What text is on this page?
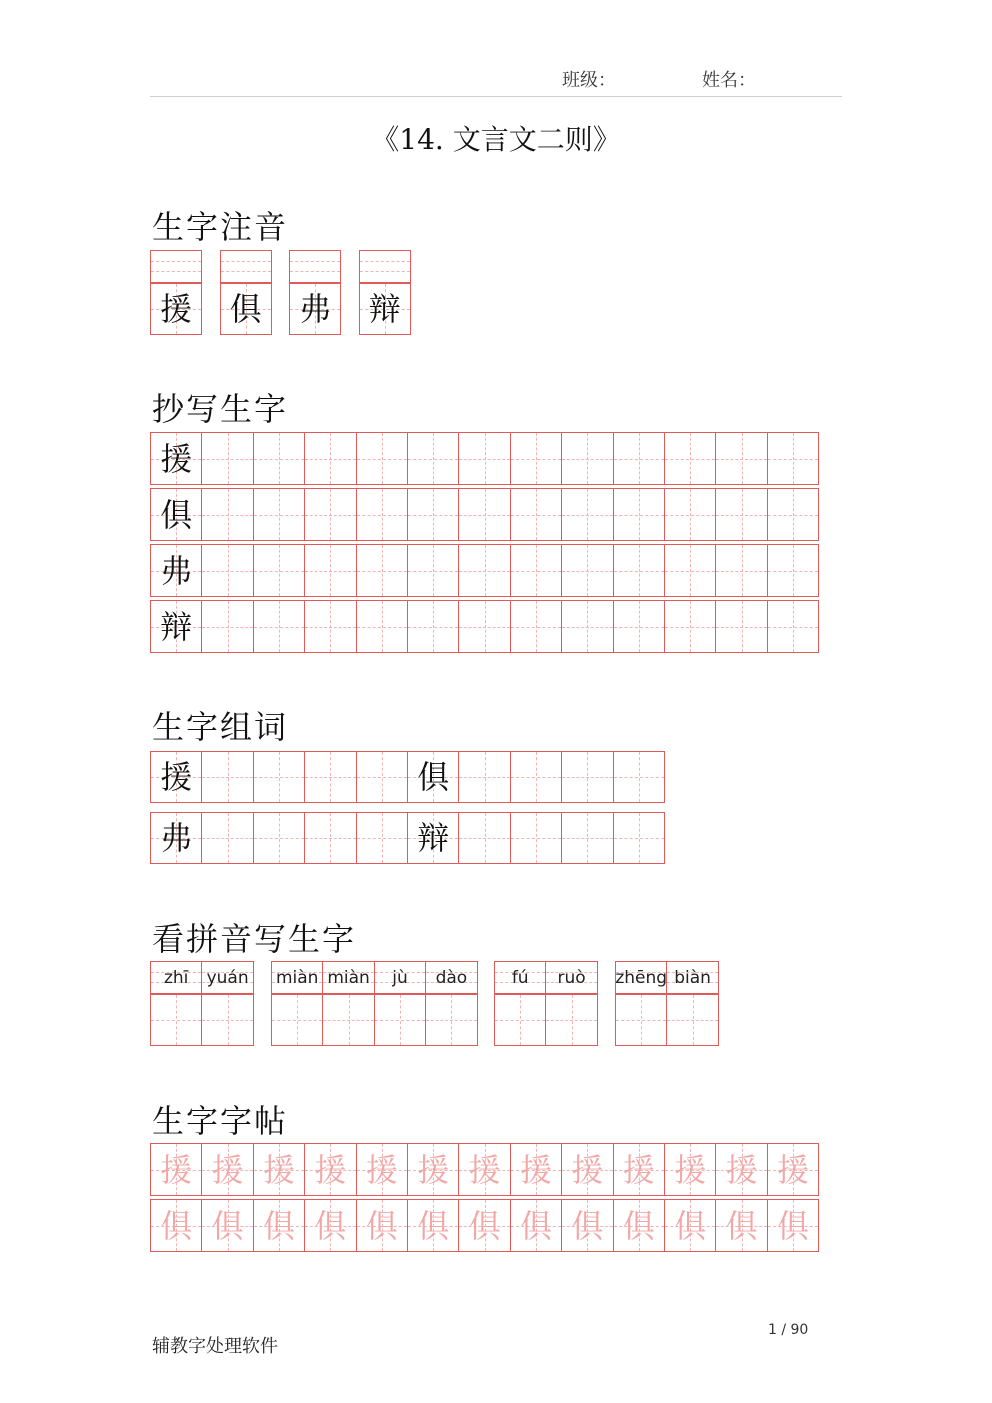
班级：	姓名：
《14. 文言文二则》
生字注音
抄写生字
生字组词
看拼音写生字
生字字帖
援 俱 弗 辩
援
俱
弗
辩
援	俱
弗	辩
zhī yuán miàn miàn jù dào	fú ruò zhēng biàn
援 援 援 援 援 援 援 援 援 援 援 援 援
俱 俱 俱 俱 俱 俱 俱 俱 俱 俱 俱 俱 俱
辅教字处理软件
1 / 90
